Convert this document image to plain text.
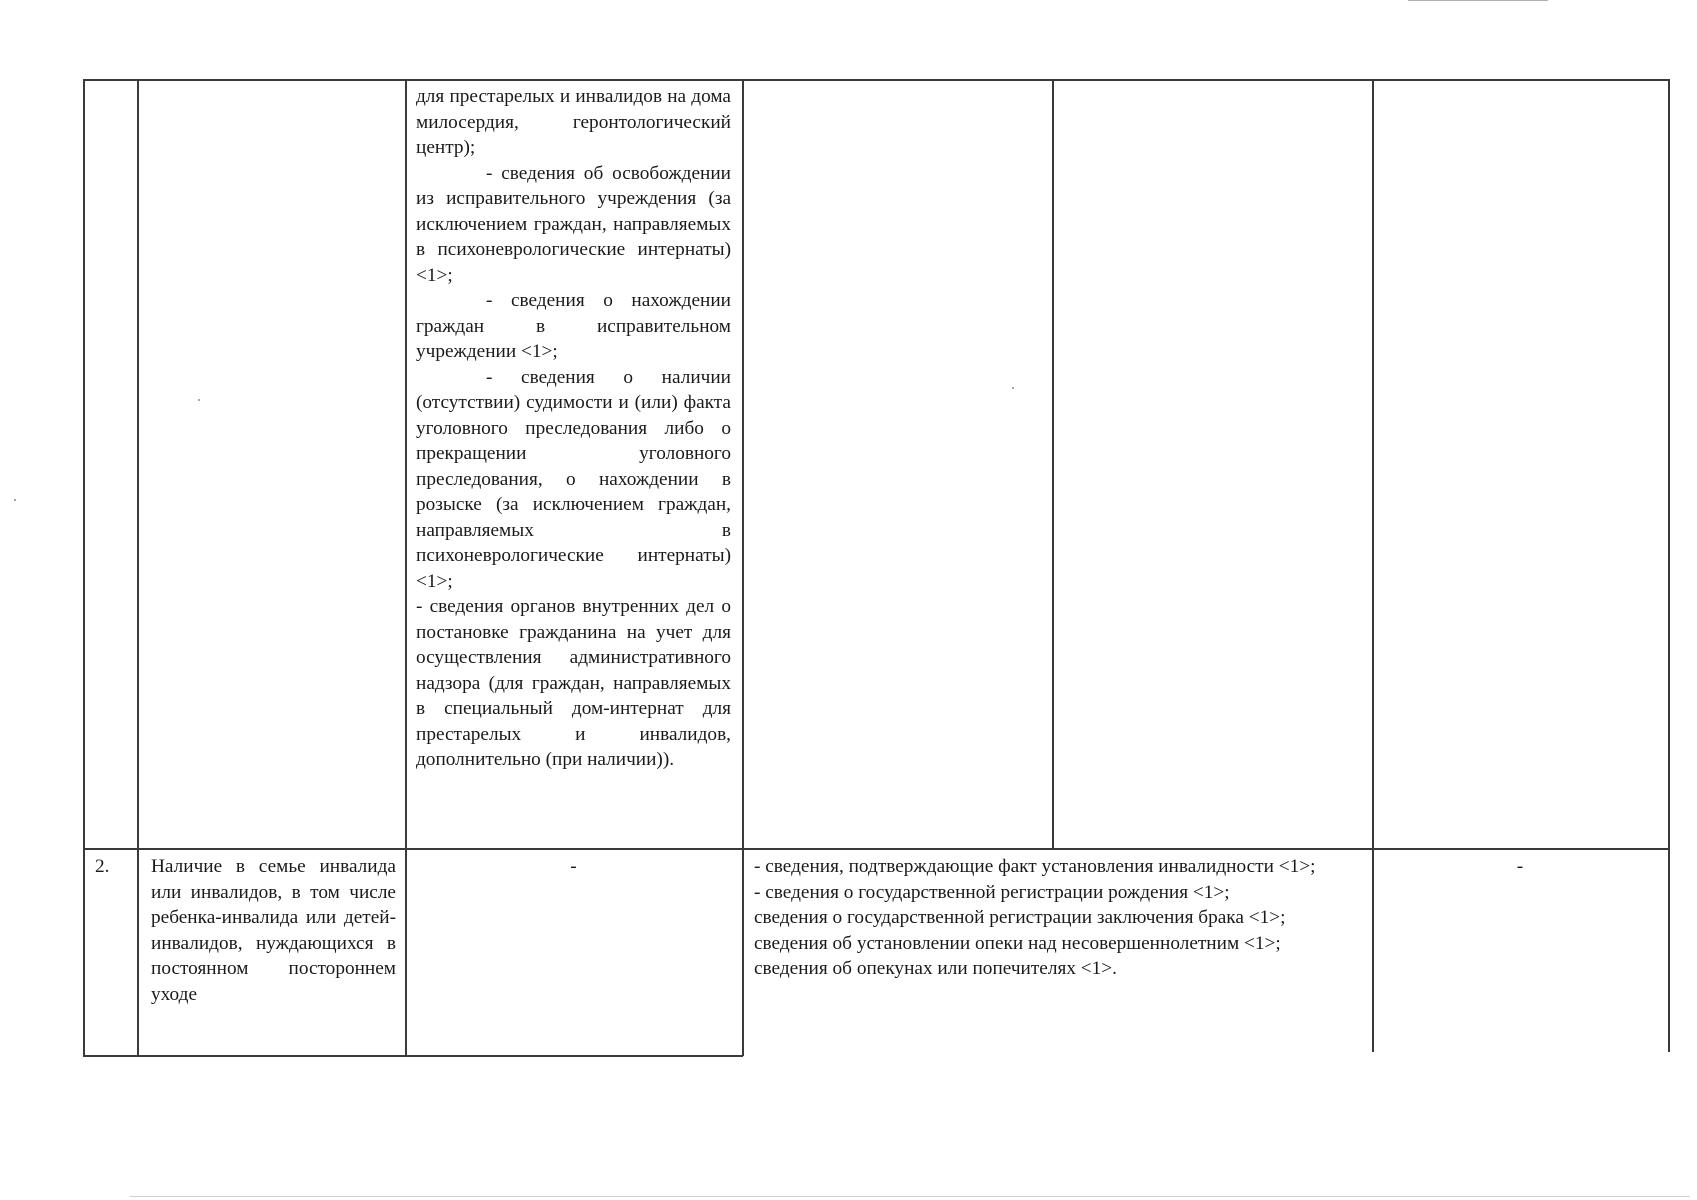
для престарелых и инвалидов на дома милосердия, геронтологический центр);

- сведения об освобождении из исправительного учреждения (за исключением граждан, направляемых в психоневрологические интернаты) <1>;

- сведения о нахождении граждан в исправительном учреждении <1>;

- сведения о наличии (отсутствии) судимости и (или) факта уголовного преследования либо о прекращении уголовного преследования, о нахождении в розыске (за исключением граждан, направляемых в психоневрологические интернаты) <1>;

- сведения органов внутренних дел о постановке гражданина на учет для осуществления административного надзора (для граждан, направляемых в специальный дом-интернат для престарелых и инвалидов, дополнительно (при наличии)).

2.	Наличие в семье инвалида или инвалидов, в том числе ребенка-инвалида или детей-инвалидов, нуждающихся в постоянном постороннем уходе
-	- сведения, подтверждающие факт установления инвалидности <1>;

- сведения о государственной регистрации рождения <1>;

сведения о государственной регистрации заключения брака <1>;

сведения об установлении опеки над несовершеннолетним <1>;

сведения об опекунах или попечителях <1>.

-
